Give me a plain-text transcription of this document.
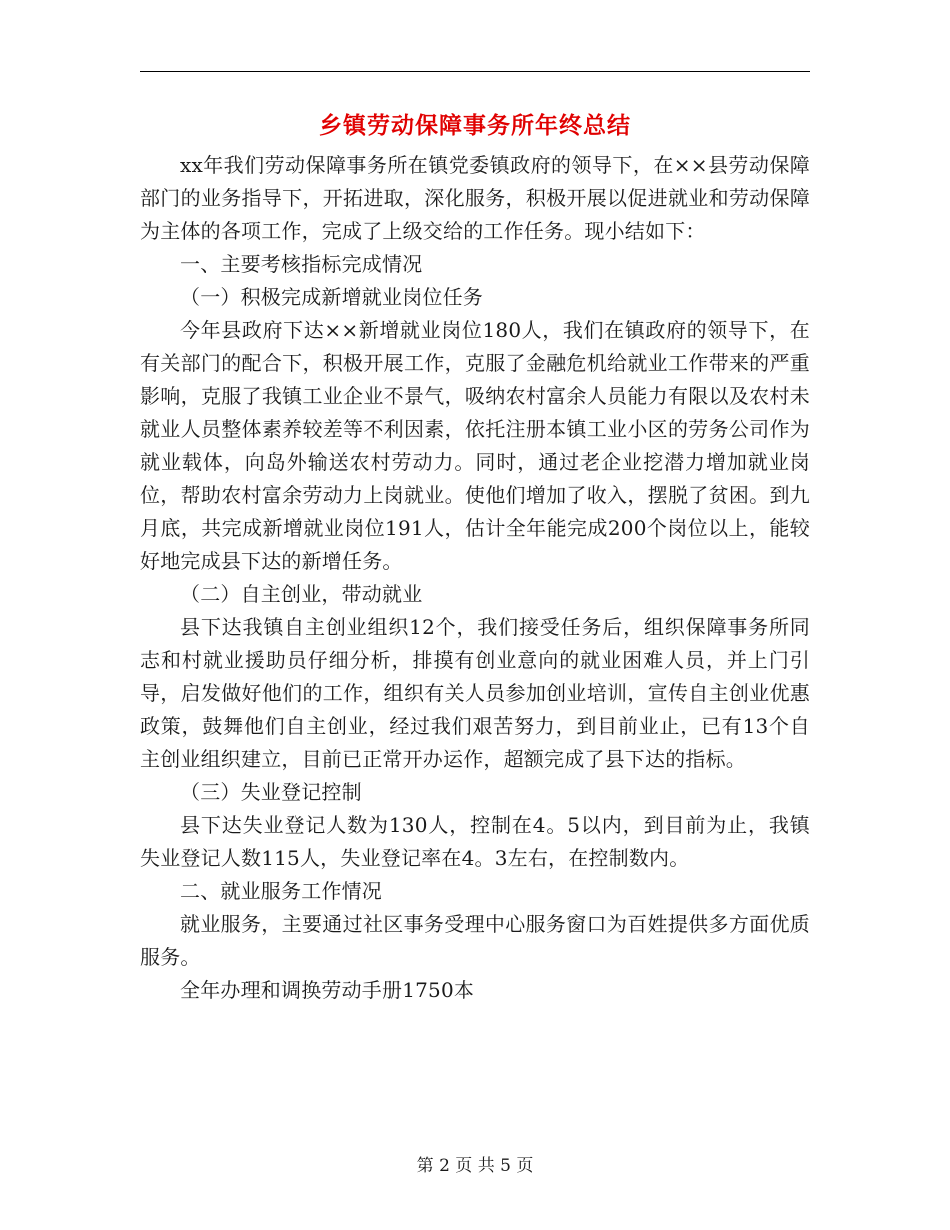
乡镇劳动保障事务所年终总结

xx年我们劳动保障事务所在镇党委镇政府的领导下，在××县劳动保障部门的业务指导下，开拓进取，深化服务，积极开展以促进就业和劳动保障为主体的各项工作，完成了上级交给的工作任务。现小结如下：

一、主要考核指标完成情况

（一）积极完成新增就业岗位任务

今年县政府下达××新增就业岗位180人，我们在镇政府的领导下，在有关部门的配合下，积极开展工作，克服了金融危机给就业工作带来的严重影响，克服了我镇工业企业不景气，吸纳农村富余人员能力有限以及农村未就业人员整体素养较差等不利因素，依托注册本镇工业小区的劳务公司作为就业载体，向岛外输送农村劳动力。同时，通过老企业挖潜力增加就业岗位，帮助农村富余劳动力上岗就业。使他们增加了收入，摆脱了贫困。到九月底，共完成新增就业岗位191人，估计全年能完成200个岗位以上，能较好地完成县下达的新增任务。

（二）自主创业，带动就业

县下达我镇自主创业组织12个，我们接受任务后，组织保障事务所同志和村就业援助员仔细分析，排摸有创业意向的就业困难人员，并上门引导，启发做好他们的工作，组织有关人员参加创业培训，宣传自主创业优惠政策，鼓舞他们自主创业，经过我们艰苦努力，到目前业止，已有13个自主创业组织建立，目前已正常开办运作，超额完成了县下达的指标。

（三）失业登记控制

县下达失业登记人数为130人，控制在4。5以内，到目前为止，我镇失业登记人数115人，失业登记率在4。3左右，在控制数内。

二、就业服务工作情况

就业服务，主要通过社区事务受理中心服务窗口为百姓提供多方面优质服务。

全年办理和调换劳动手册1750本

第 2 页 共 5 页
